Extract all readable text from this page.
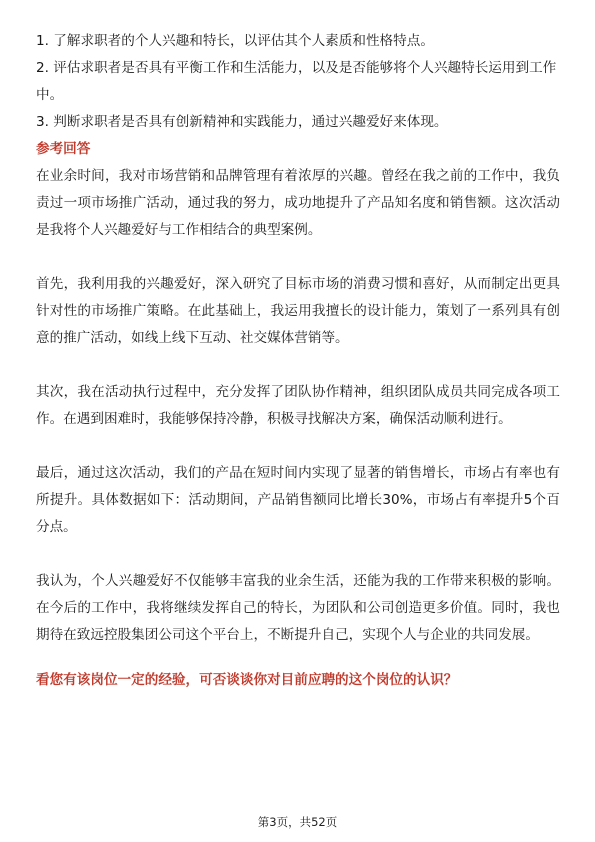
1. 了解求职者的个人兴趣和特长，以评估其个人素质和性格特点。

2. 评估求职者是否具有平衡工作和生活能力，以及是否能够将个人兴趣特长运用到工作中。

3. 判断求职者是否具有创新精神和实践能力，通过兴趣爱好来体现。

参考回答

在业余时间，我对市场营销和品牌管理有着浓厚的兴趣。曾经在我之前的工作中，我负责过一项市场推广活动，通过我的努力，成功地提升了产品知名度和销售额。这次活动是我将个人兴趣爱好与工作相结合的典型案例。

首先，我利用我的兴趣爱好，深入研究了目标市场的消费习惯和喜好，从而制定出更具针对性的市场推广策略。在此基础上，我运用我擅长的设计能力，策划了一系列具有创意的推广活动，如线上线下互动、社交媒体营销等。

其次，我在活动执行过程中，充分发挥了团队协作精神，组织团队成员共同完成各项工作。在遇到困难时，我能够保持冷静，积极寻找解决方案，确保活动顺利进行。

最后，通过这次活动，我们的产品在短时间内实现了显著的销售增长，市场占有率也有所提升。具体数据如下：活动期间，产品销售额同比增长30%，市场占有率提升5个百分点。

我认为，个人兴趣爱好不仅能够丰富我的业余生活，还能为我的工作带来积极的影响。在今后的工作中，我将继续发挥自己的特长，为团队和公司创造更多价值。同时，我也期待在致远控股集团公司这个平台上，不断提升自己，实现个人与企业的共同发展。

看您有该岗位一定的经验，可否谈谈你对目前应聘的这个岗位的认识？

第3页，共52页
